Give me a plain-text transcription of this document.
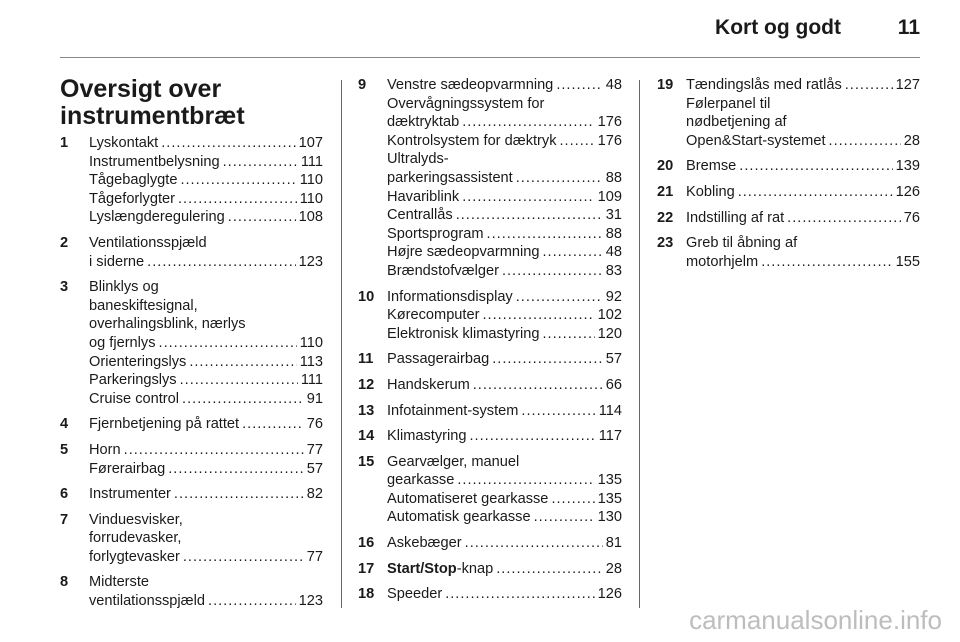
Kort og godt	11
Oversigt over
instrumentbræt
1 Lyskontakt .....	107
Instrumentbelysning .....	111
Tågebaglygte .....	110
Tågeforlygter .....	110
Lyslængderegulering .....	108
2 Ventilationsspjæld
i siderne .....	123
3 Blinklys og
baneskiftesignal,
overhalingsblink, nærlys
og fjernlys .....	110
Orienteringslys .....	113
Parkeringslys .....	111
Cruise control .....	91
4 Fjernbetjening på rattet .....	76
5 Horn .....	77
Førerairbag .....	57
6 Instrumenter .....	82
7 Vinduesvisker,
forrudevasker,
forlygtevasker .....	77
8 Midterste
ventilationsspjæld .....	123
9 Venstre sædeopvarmning .....	48
Overvågningssystem for
dæktryktab .....	176
Kontrolsystem for dæktryk .....	176
Ultralyds-
parkeringsassistent .....	88
Havariblink .....	109
Centrallås .....	31
Sportsprogram .....	88
Højre sædeopvarmning .....	48
Brændstofvælger .....	83
10 Informationsdisplay .....	92
Kørecomputer .....	102
Elektronisk klimastyring .....	120
11 Passagerairbag .....	57
12 Handskerum .....	66
13 Infotainment-system .....	114
14 Klimastyring .....	117
15 Gearvælger, manuel
gearkasse .....	135
Automatiseret gearkasse .....	135
Automatisk gearkasse .....	130
16 Askebæger .....	81
17 Start/Stop-knap .....	28
18 Speeder .....	126
19 Tændingslås med ratlås .....	127
Følerpanel til
nødbetjening af
Open&Start-systemet .....	28
20 Bremse .....	139
21 Kobling .....	126
22 Indstilling af rat .....	76
23 Greb til åbning af
motorhjelm .....	155
carmanualsonline.info
